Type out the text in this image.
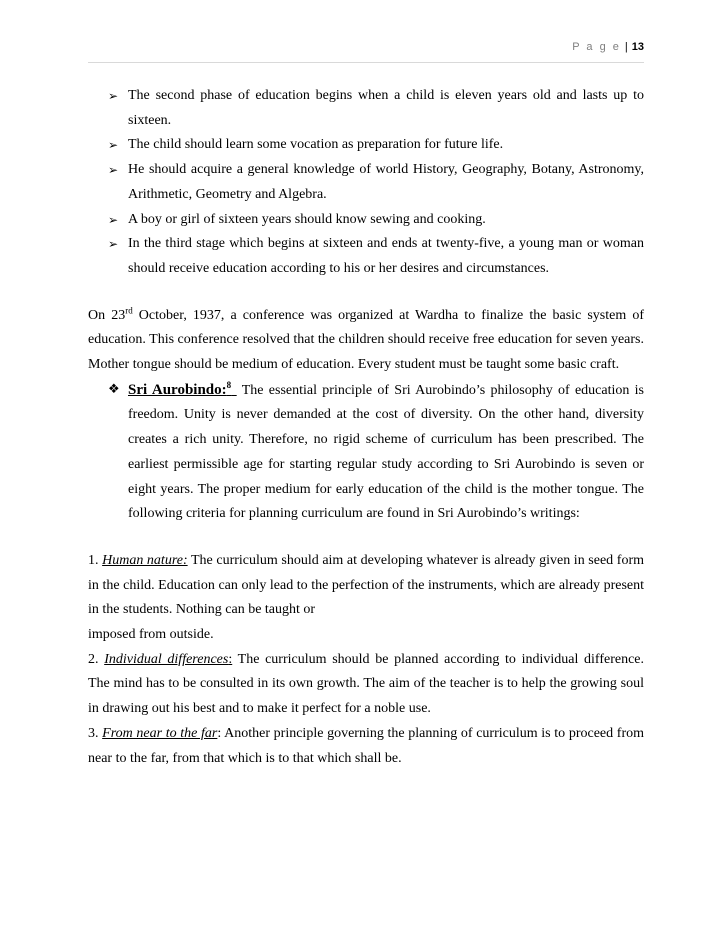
P a g e | 13
➢ The second phase of education begins when a child is eleven years old and lasts up to sixteen.
➢ The child should learn some vocation as preparation for future life.
➢ He should acquire a general knowledge of world History, Geography, Botany, Astronomy, Arithmetic, Geometry and Algebra.
➢ A boy or girl of sixteen years should know sewing and cooking.
➢ In the third stage which begins at sixteen and ends at twenty-five, a young man or woman should receive education according to his or her desires and circumstances.

On 23rd October, 1937, a conference was organized at Wardha to finalize the basic system of education. This conference resolved that the children should receive free education for seven years. Mother tongue should be medium of education. Every student must be taught some basic craft.

❖ Sri Aurobindo:$^8$  The essential principle of Sri Aurobindo’s philosophy of education is freedom. Unity is never demanded at the cost of diversity. On the other hand, diversity creates a rich unity. Therefore, no rigid scheme of curriculum has been prescribed. The earliest permissible age for starting regular study according to Sri Aurobindo is seven or eight years. The proper medium for early education of the child is the mother tongue. The following criteria for planning curriculum are found in Sri Aurobindo’s writings:

1. Human nature: The curriculum should aim at developing whatever is already given in seed form in the child. Education can only lead to the perfection of the instruments, which are already present in the students. Nothing can be taught or

imposed from outside.

2. Individual differences: The curriculum should be planned according to individual difference. The mind has to be consulted in its own growth. The aim of the teacher is to help the growing soul in drawing out his best and to make it perfect for a noble use.

3. From near to the far: Another principle governing the planning of curriculum is to proceed from near to the far, from that which is to that which shall be.
